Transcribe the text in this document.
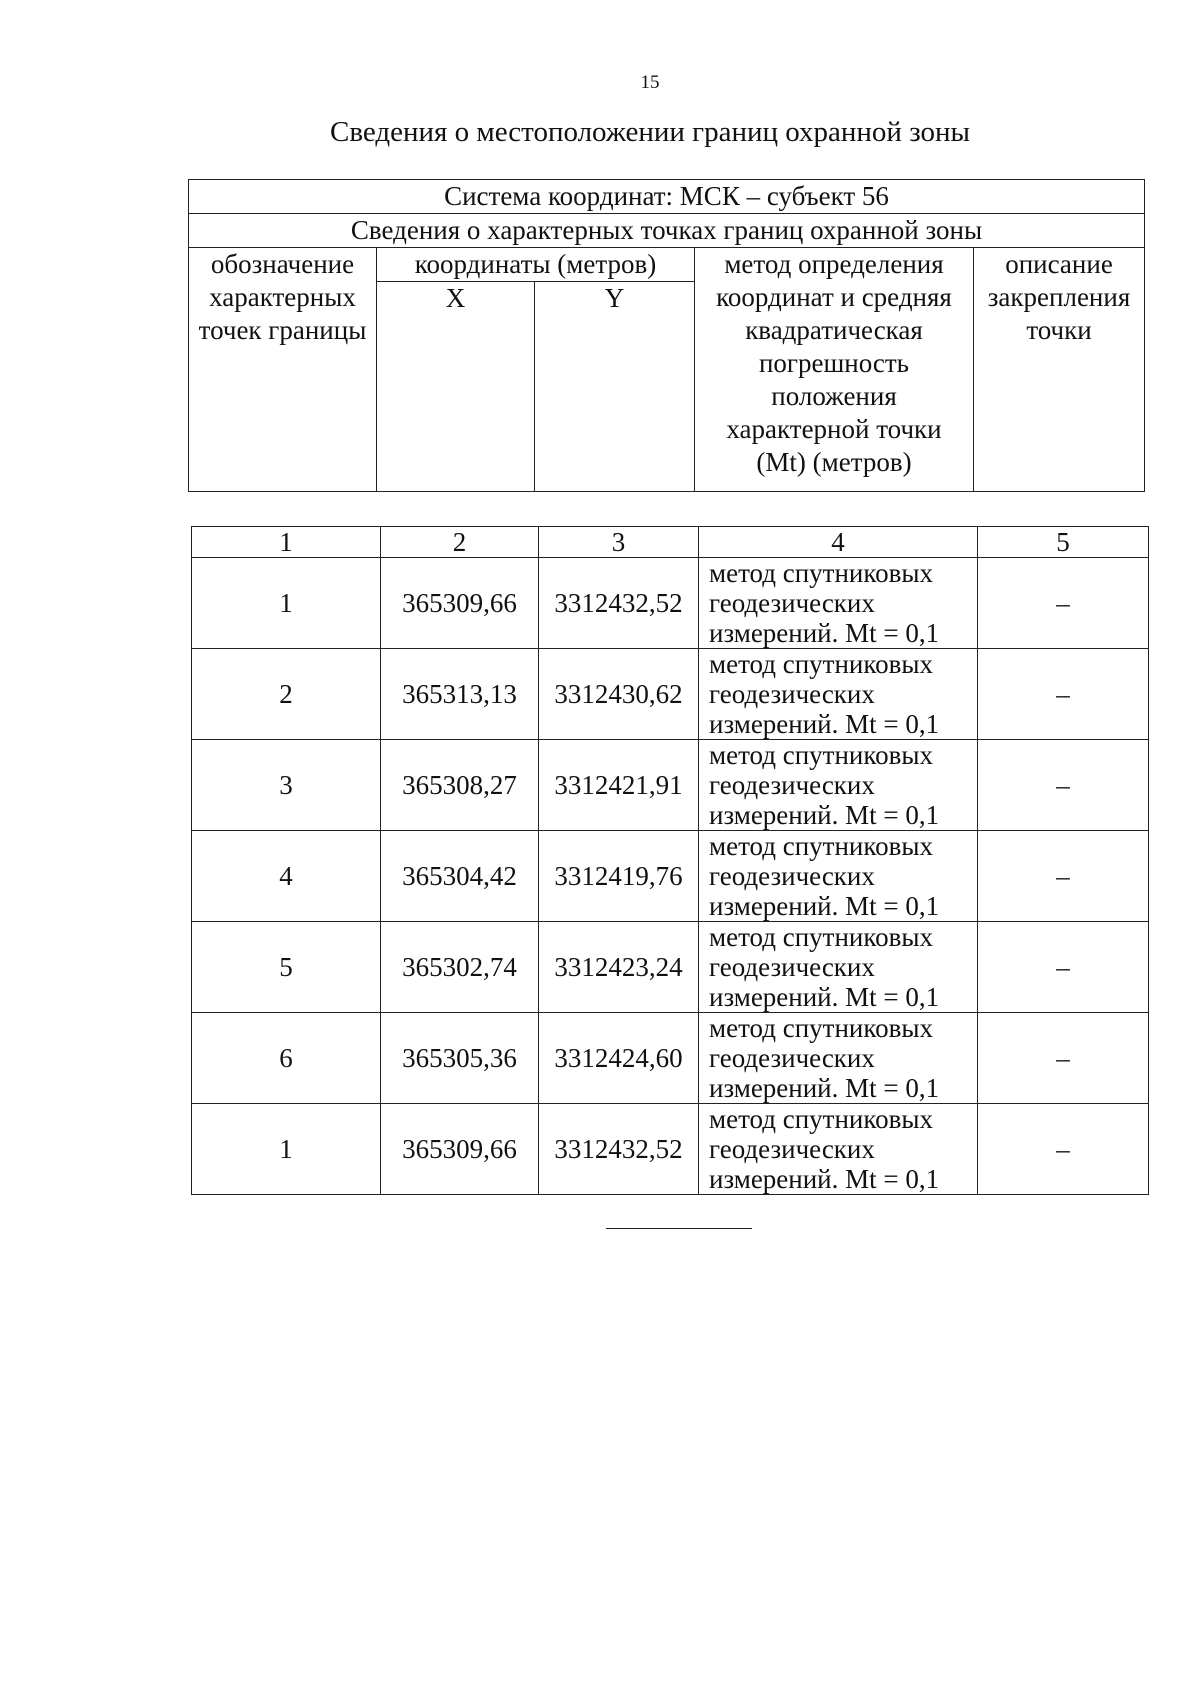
15
Сведения о местоположении границ охранной зоны
Система координат: МСК – субъект 56				
Сведения о характерных точках границ охранной зоны				
обозначение характерных точек границы	координаты (метров)		метод определения координат и средняя квадратическая погрешность положения характерной точки (Mt) (метров)	описание закрепления точки
	X	Y		
1	2	3	4	5
1	365309,66	3312432,52	метод спутниковых геодезических измерений. Mt = 0,1	–
2	365313,13	3312430,62	метод спутниковых геодезических измерений. Mt = 0,1	–
3	365308,27	3312421,91	метод спутниковых геодезических измерений. Mt = 0,1	–
4	365304,42	3312419,76	метод спутниковых геодезических измерений. Mt = 0,1	–
5	365302,74	3312423,24	метод спутниковых геодезических измерений. Mt = 0,1	–
6	365305,36	3312424,60	метод спутниковых геодезических измерений. Mt = 0,1	–
1	365309,66	3312432,52	метод спутниковых геодезических измерений. Mt = 0,1	–
